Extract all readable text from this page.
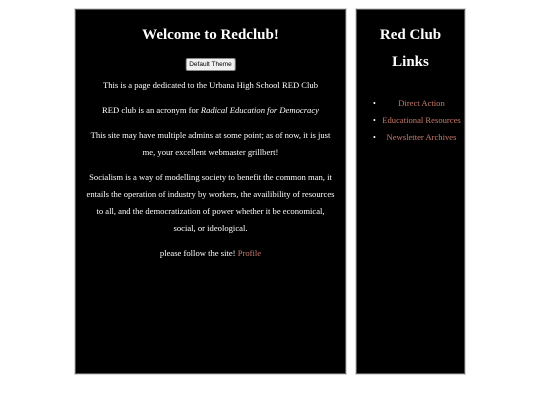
Welcome to Redclub!
Default Theme

This is a page dedicated to the Urbana High School RED Club

RED club is an acronym for Radical Education for Democracy

This site may have multiple admins at some point; as of now, it is just me, your excellent webmaster grillbert!

Socialism is a way of modelling society to benefit the common man, it entails the operation of industry by workers, the availibility of resources to all, and the democratization of power whether it be economical, social, or ideological.

please follow the site! Profile

Red Club
Links
•	Direct Action
• Educational Resources
• Newsletter Archives
